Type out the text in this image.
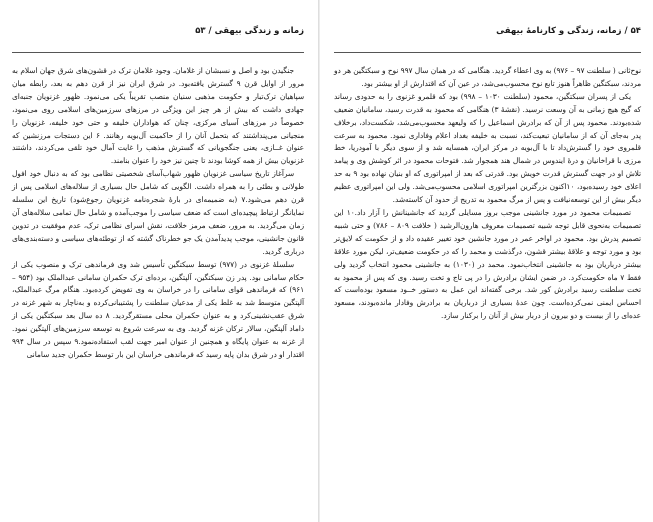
زمانه و زندگی بیهقی / ۵۳

جنگیدن بود و اصل و نسبشان از غلامان. وجود غلامان ترک در قشون‌های شرق جهان اسلام به مرور از اوایل قرن ۹ گسترش یافته‌بود. در شرق ایران نیز از قرن ‌دهم به‌ بعد، رابطه میان سپاهیان ترک‌تبار و حکومت مذهبی سنیان منصب تقریباً یکی می‌نمود. ظهور غزنویان جنبه‌ای جهادی داشت که بیش از هر چیز این ویژگی در مرزهای سرزمین‌های اسلامی روی می‌نمود، خصوصاً در مرزهای آسیای مرکزی، چنان که هواداران خلیفه و حتی خود خلیفه، غزنویان را منجیانی می‌پنداشتند که بتحمل آنان را از حاکمیت آل‌بویه رهانند. ۶ این دستجات مرزنشین که عنوان غــازی، یعنی جنگجویانی که گسترش مذهب را غایت آمال خود تلقی می‌کردند، داشتند غزنویان بیش از همه کوشا بودند تا چنین نیز خود را عنوان بنامند.

سرآغاز تاریخ سیاسی غزنویان ظهور شهاب‌آسای شخصیتی نظامی بود که به دنبال خود افول طولانی و بطئی را به همراه داشت. الگویی که شامل حال بسیاری از سلاله‌های اسلامی پس از قرن دهم می‌شود.۷ (به ضمیمه‌ای در بارهٔ شجره‌نامه غزنویان رجوع‌شود) تاریخ این سلسله نمایانگر ارتباط پیچیده‌ای است که ضعف سیاسی را موجب‌آمده و شامل حال تمامی سلاله‌های آن زمان می‌گردید. به مرور، ضعف مرمز خلافت، نقش اسرای نظامی ترک، عدم موفقیت در تدوین قانون جانشینی، موجب پدیدآمدن یک جو خطرناک گشته که از توطئه‌های سیاسی و دسته‌بندی‌های درباری گردید.

سلسلهٔ غزنوی در (۹۷۷) توسط سبکتگین تأسیس شد وی فرماندهی ترک و منصوب یکی از حکام سامانی بود. پدر زن سبکتگین، آلپتگین، برده‌ای ترک حکمران سامانی عبدالملک بود (۹۵۴ – ۹۶۱) که فرماندهی قوای سامانی را در خراسان به وی تفویض کرده‌بود. هنگام مرگ عبدالملک، آلپتگین متوسط شد به غلط یکی از مدعیان سلطنت را پشتیبانی‌کرده و به‌ناچار به شهر غزنه در شرق عقب‌نشینی‌کرد و به عنوان حکمران محلی مستقر‌گردید. ۸ ده سال بعد سبکتگین یکی از داماد آلپتگین، سالار ترکان غزنه گردید. وی به سرعت شروع به توسعه سرزمین‌های آلپتگین نمود. از غزنه به عنوان پایگاه و همچنین از عنوان امیر جهت لقب استفاده‌نمود.۹ سپس در سال ۹۹۴ اقتدار او در شرق بدان پایه رسید که فرماندهی خراسان این بار توسط حکمران جدید سامانی

۵۴ / زمانه، زندگی و کارنامهٔ بیهقی

نوح‌ثانی ( سلطنت ۹۷ – ۹۷۶) به وی اعطاء گردید. هنگامی که در همان سال ۹۹۷ نوح و سبکتگین هر دو مردند، سبکتگین ظاهراً هنوز تابع نوح محسوب‌می‌شد، در عین آن که اقتدارش از او بیشتر بود.

یکی از پسران سبکتگین، محمود (سلطنت ۱۰۳۰ – ۹۹۸) بود که قلمرو غزنوی را به حدودی رساند که گیج هیچ زمانی به آن وسعت نرسید. (نقشهٔ ۳) هنگامی که محمود به قدرت رسید، سامانیان ضعیف شده‌بودند. محمود پس از آن که برادرش اسماعیل را که ولیعهد محسوب‌می‌شد، شکست‌داد، برخلاف پدر به‌جای آن که از سامانیان تبعیت‌کند، نسبت به خلیفه بغداد اعلام وفاداری نمود. محمود به سرعت قلمروی خود را گسترش‌داد تا با آل‌بویه در مرکز ایران، همسایه شد و از سوی دیگر با آمودریا، خط مرزی با قراخانیان و درهٔ ایندوس در شمال هند همجوار شد. فتوحات محمود در اثر کوشش وی و پیامد تلاش او در جهت گسترش قدرت خویش بود. قدرتی که بعد از امپراتوری که او بنیان نهاده بود ۹ به حد اعلای خود رسیده‌بود، ۱۰اکنون بزرگترین امپراتوری اسلامی محسوب‌می‌شد. ولی این امپراتوری عظیم دیگر بیش از این توسعه‌نیافت و پس از مرگ محمود به تدریج از حدود آن کاسته‌شد.

تصمیمات محمود در مورد جانشینی موجب بروز مسایلی گردید که جانشینانش را آزار داد.۱۰ این تصمیمات به‌نحوی قابل توجه شبیه تصمیمات معروف هارون‌الرشید ( خلافت ۸۰۹ – ۷۸۶) و حتی شبیه تصمیم پدرش بود. محمود در اواخر عمر در مورد جانشین خود تغییر عقیده داد و از حکومت که لایق‌تر بود و مورد توجه و علاقهٔ بیشتر قشون، درگذشت و محمد را که در حکومت ضعیف‌تر، لیکن مورد علاقهٔ بیشتر درباریان بود به جانشینی انتخاب‌نمود. محمد در (۱۰۳۰) به جانشینی محمود انتخاب گردید ولی فقط ۷ ماه حکومت‌کرد. در ضمن ایشان برادرش را در پی تاج و تخت رسید. وی که پس از محمود به تخت سلطنت رسید برادرش کور شد. برخی گفته‌اند این عمل به دستور خــود مسعود بوده‌است که احساس ایمنی نمی‌کرده‌است. چون عدهٔ بسیاری از درباریان به برادرش وفادار مانده‌بودند، مسعود عده‌ای را از بیست و دو بیرون از دربار بیش از آنان را برکنار سازد.
